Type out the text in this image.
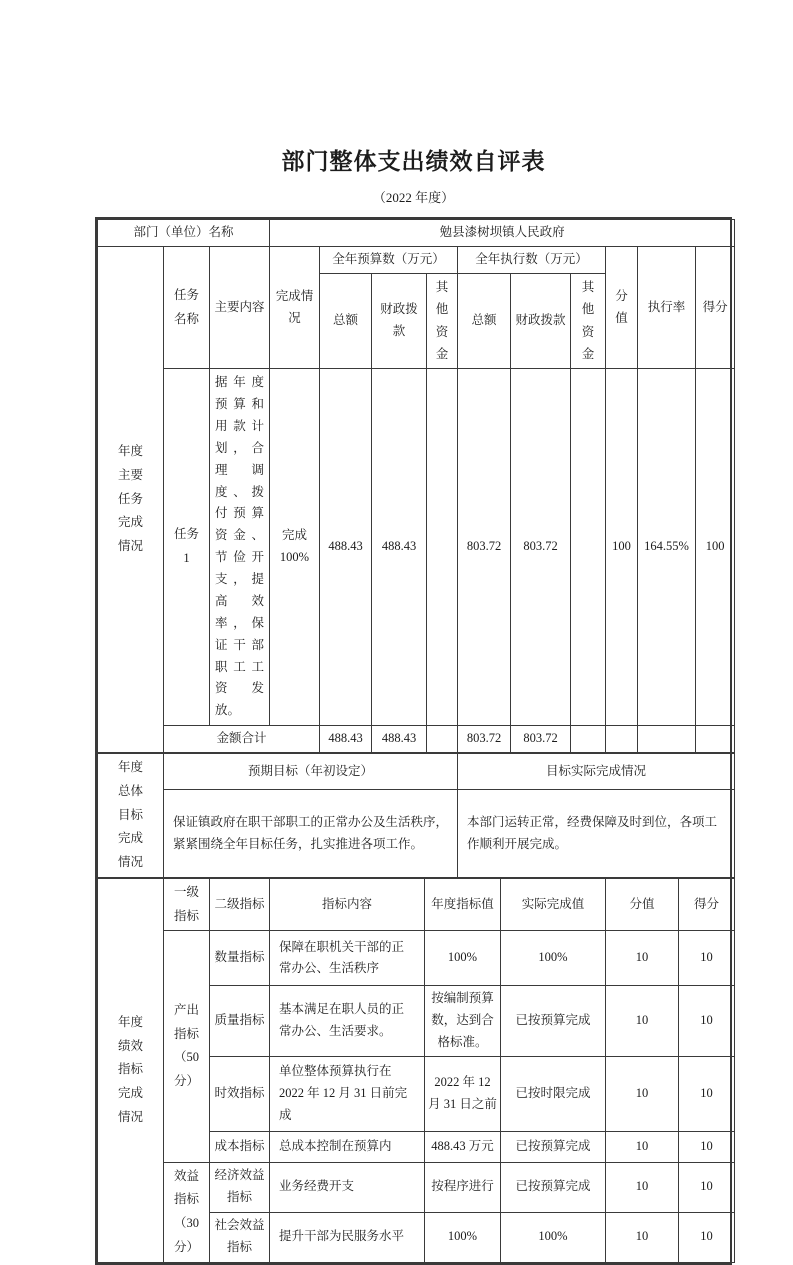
部门整体支出绩效自评表
（2022 年度）
部门（单位）名称			勉县漆树坝镇人民政府									
年度主要任务完成情况	任务名称	主要内容	完成情况	全年预算数（万元）			全年执行数（万元）			分值	执行率	得分
				总额	财政拨款	其他资金	总额	财政拨款	其他资金			
	任务1	据年度预算和用款计划，合理调度、拨付预算资金、节俭开支，提高效率，保证干部职工工资发放。	完成100%	488.43	488.43		803.72	803.72		100	164.55%	100
	金额合计			488.43	488.43		803.72	803.72				
年度总体目标完成情况	预期目标（年初设定）	目标实际完成情况
	保证镇政府在职干部职工的正常办公及生活秩序，紧紧围绕全年目标任务，扎实推进各项工作。	本部门运转正常，经费保障及时到位，各项工作顺利开展完成。
年度绩效指标完成情况	一级指标	二级指标	指标内容	年度指标值	实际完成值	分值	得分
	产出指标（50分）	数量指标	保障在职机关干部的正常办公、生活秩序	100%	100%	10	10
		质量指标	基本满足在职人员的正常办公、生活要求。	按编制预算数，达到合格标准。	已按预算完成	10	10
		时效指标	单位整体预算执行在 2022 年 12 月 31 日前完成	2022 年 12 月 31 日之前	已按时限完成	10	10
		成本指标	总成本控制在预算内	488.43 万元	已按预算完成	10	10
	效益指标（30分）	经济效益指标	业务经费开支	按程序进行	已按预算完成	10	10
		社会效益指标	提升干部为民服务水平	100%	100%	10	10
